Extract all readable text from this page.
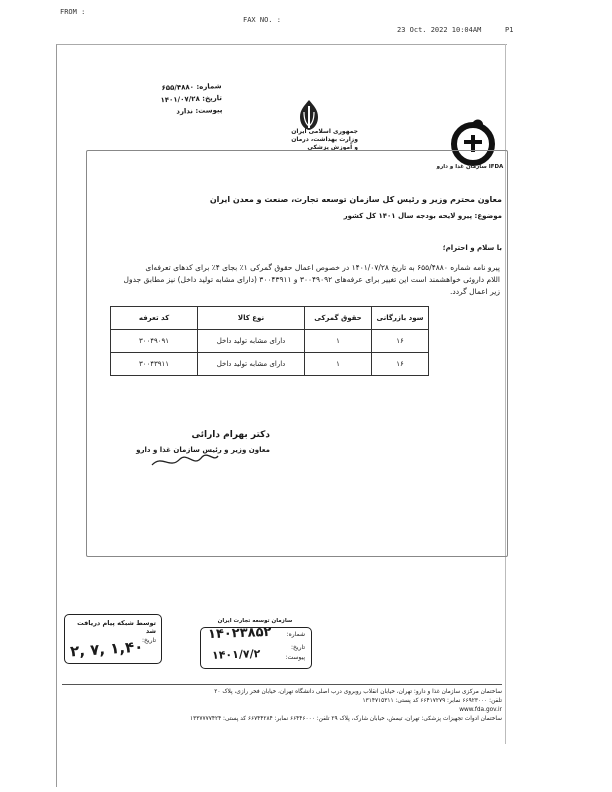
FROM :
FAX NO. :
23 Oct. 2022 10:04AM	P1
شماره: ۶۵۵/۴۸۸۰
تاریخ: ۱۴۰۱/۰۷/۲۸
پیوست: ندارد
جمهوری اسلامی ایران
وزارت بهداشت، درمان
و آموزش پزشکی
سازمان غذا و دارو IFDA
معاون محترم وزیر و رئیس کل سازمان توسعه تجارت، صنعت و معدن ایران
موضوع: پیرو لایحه بودجه سال ۱۴۰۱ کل کشور
با سلام و احترام؛
پیرو نامه شماره ۶۵۵/۴۸۸۰ به تاریخ ۱۴۰۱/۰۷/۲۸ در خصوص اعمال حقوق گمرکی ۱٪ بجای ۴٪ برای کدهای تعرفه‌ای
اللام داروئی خواهشمند است این تغییر برای عرفه‌های ۳۰۰۴۹۰۹۲ و ۳۰۰۴۳۹۱۱ (دارای مشابه تولید داخل) نیز مطابق جدول
زیر اعمال گردد.
سود بازرگانی	حقوق گمرکی	نوع کالا	کد تعرفه
۱۶	۱	دارای مشابه تولید داخل	۳۰۰۴۹۰۹۱
۱۶	۱	دارای مشابه تولید داخل	۳۰۰۴۳۹۱۱
دکتر بهرام دارائی
معاون وزیر و رئیس سازمان غذا و دارو
توسط شبکه پیام دریافت شد
تاریخ:
۱,۴۰ ,۷ ,۲
سازمان توسعه تجارت ایران
شماره:
تاریخ:
پیوست:
۱۴۰۲۳۸۵۲
۱۴۰۱/۷/۲
ساختمان مرکزی سازمان غذا و دارو: تهران، خیابان انقلاب روبروی درب اصلی دانشگاه تهران، خیابان فخر رازی، پلاک ۲۰
تلفن: ۶۶۹۲۳۰۰۰ نمابر: ۶۶۴۱۷۲۷۹ کد پستی: ۱۳۱۴۷۱۵۳۱۱
www.fda.gov.ir
ساختمان ادوات تجهیزات پزشکی: تهران، تیمش، خیابان شارک، پلاک ۲۹ تلفن: ۶۶۴۴۶۰۰۰ نمابر: ۶۶۷۴۴۲۸۴ کد پستی: ۱۳۳۷۷۷۷۴۲۴
